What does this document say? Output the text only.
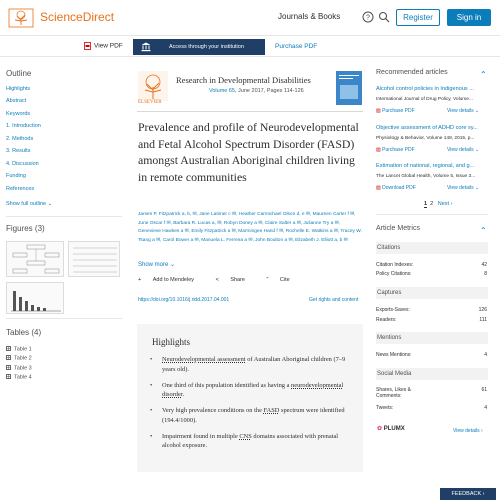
ScienceDirect	Journals & Books	?	Register	Sign in
View PDF	Access through your institution	Purchase PDF
Outline
Highlights
Abstract
Keywords
1. Introduction
2. Methods
3. Results
4. Discussion
Funding
References
Show full outline ⌄
Figures (3)
Tables (4)
Table 1
Table 2
Table 3
Table 4
ELSEVIER
Research in Developmental Disabilities
Volume 65, June 2017, Pages 114-126
Prevalence and profile of Neurodevelopmental and Fetal Alcohol Spectrum Disorder (FASD) amongst Australian Aboriginal children living in remote communities
James P. Fitzpatrick a, b, ✉, Jane Latimer c ✉, Heather Carmichael Olson d, e ✉, Maureen Carter f ✉, June Oscar f ✉, Barbara R. Lucas a, ✉, Robyn Doney a ✉, Claire Salter a ✉, Julianne Try a ✉, Genevieve Hawkes a ✉, Emily Fitzpatrick a ✉, Marmingee Hand f ✉, Rochelle E. Watkins a ✉, Tracey W. Tsang a ✉, Carol Bower a ✉, Manuela L. Ferreira a ✉, John Boulton a ✉, Elizabeth J. Elliott a, b ✉
Show more ⌄
+ Add to Mendeley	< Share	” Cite
https://doi.org/10.1016/j.ridd.2017.04.001	Get rights and content
Highlights
• Neurodevelopmental assessment of Australian Aboriginal children (7–9 years old).
• One third of this population identified as having a neurodevelopmental disorder.
• Very high prevalence conditions on the FASD spectrum were identified (194.4/1000).
• Impairment found in multiple CNS domains associated with prenatal alcohol exposure.
Recommended articles	⌃
Alcohol control policies in Indigenous ...
International Journal of Drug Policy, Volume...
▧ Purchase PDF	View details ⌄
Objective assessment of ADHD core sy...
Physiology & Behavior, Volume 148, 2015, p...
▧ Purchase PDF	View details ⌄
Estimation of national, regional, and g...
The Lancet Global Health, Volume 5, Issue 3...
▧ Download PDF	View details ⌄
1 2 Next ›
Article Metrics	⌃
Citations
Citation Indexes:	42
Policy Citations:	8
Captures
Exports-Saves:	126
Readers:	111
Mentions
News Mentions:	4
Social Media
Shares, Likes & Comments:
61
Tweets:	4
✿ PLUMX	View details ›
FEEDBACK ›
